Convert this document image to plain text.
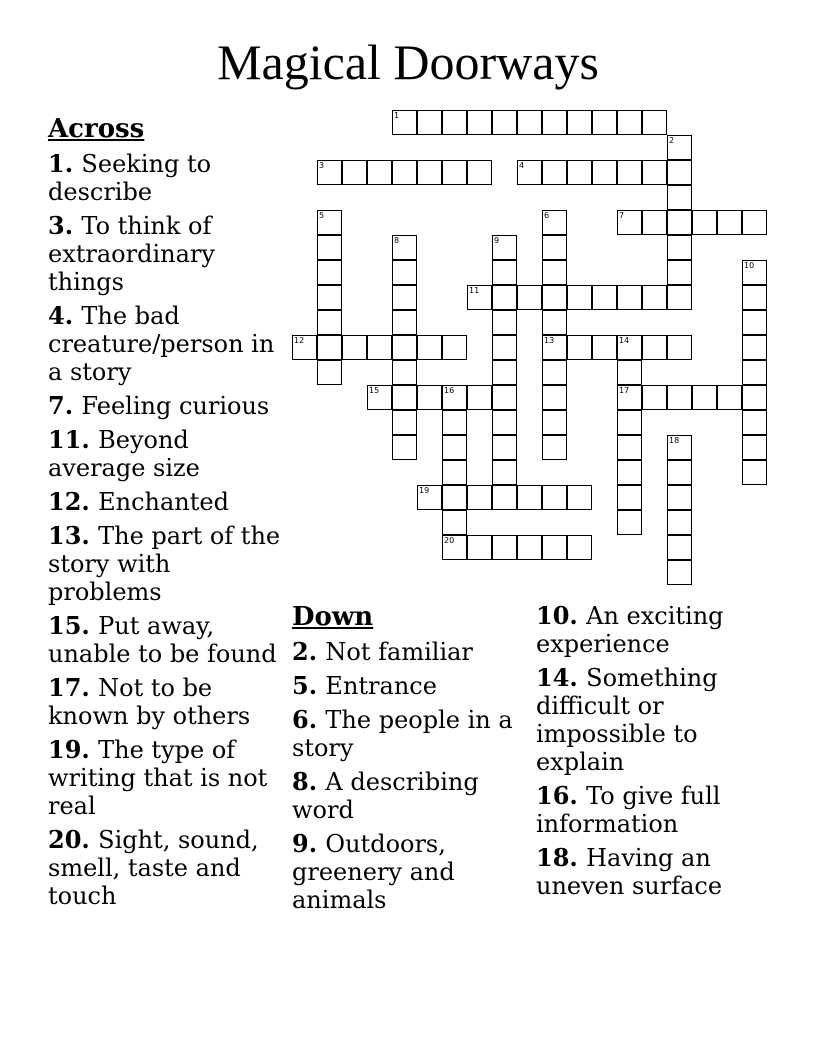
Magical Doorways
1
2
3	4
5	6	7
8	9
10
11
12	13	14
15	16	17
18
19
20
Across
1 . Seeking to describe
3 . To think of extraordinary things
4 . The bad creature/person in a story
7 . Feeling curious
11 . Beyond average size
12 . Enchanted
13 . The part of the story with problems
15 . Put away, unable to be found
17 . Not to be known by others
19 . The type of writing that is not real
20 . Sight, sound, smell, taste and touch
Down
2 . Not familiar
5 . Entrance
6 . The people in a story
8 . A describing word
9 . Outdoors, greenery and animals
10 . An exciting experience
14 . Something difficult or impossible to explain
16 . To give full information
18 . Having an uneven surface
